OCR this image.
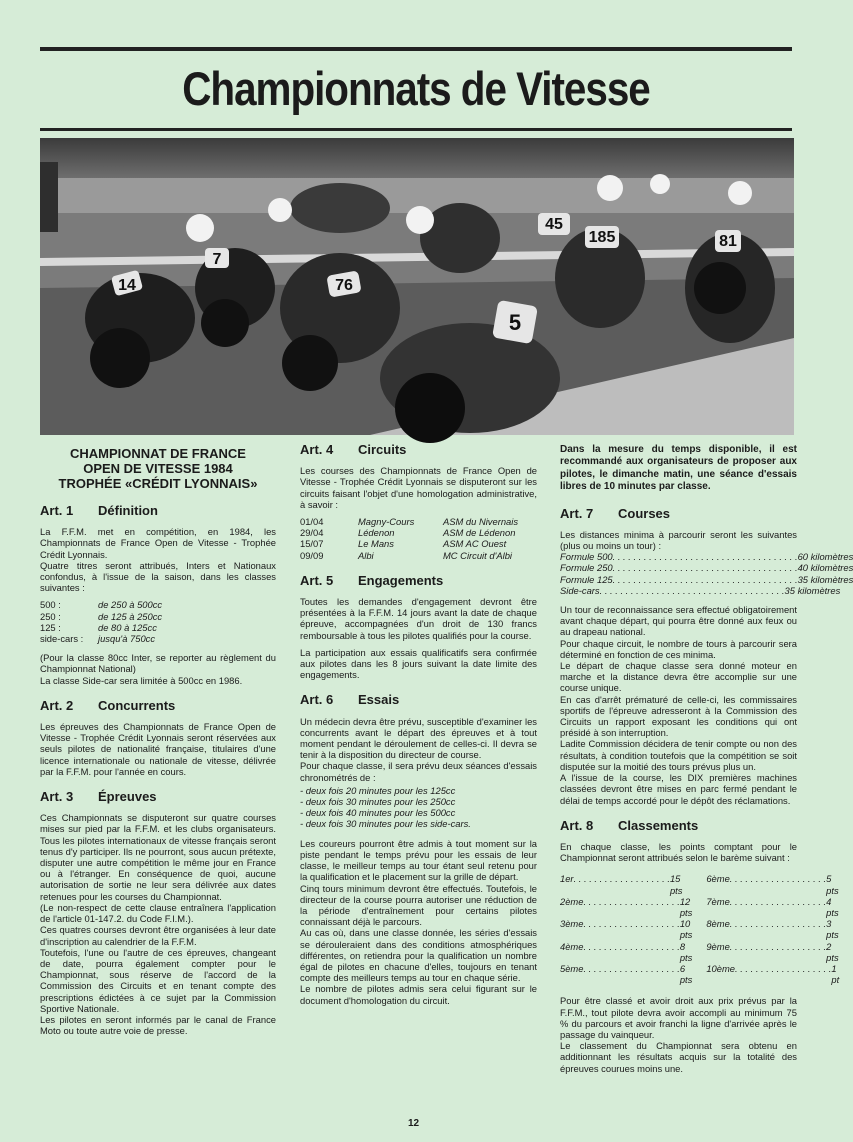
Championnats de Vitesse
14
7
76
5
185	81
45
CHAMPIONNAT DE FRANCE
OPEN DE VITESSE 1984
TROPHÉE «CRÉDIT LYONNAIS»
Art. 1	Définition

La F.F.M. met en compétition, en 1984, les Championnats de France Open de Vitesse - Trophée Crédit Lyonnais.

Quatre titres seront attribués, Inters et Nationaux confondus, à l'issue de la saison, dans les classes suivantes :

500 :	de 250 à 500cc
250 :	de 125 à 250cc
125 :	de 80 à 125cc
side-cars :	jusqu'à 750cc

(Pour la classe 80cc Inter, se reporter au règlement du Championnat National)

La classe Side-car sera limitée à 500cc en 1986.

Art. 2	Concurrents

Les épreuves des Championnats de France Open de Vitesse - Trophée Crédit Lyonnais seront réservées aux seuls pilotes de nationalité française, titulaires d'une licence internationale ou nationale de vitesse, délivrée par la F.F.M. pour l'année en cours.

Art. 3	Épreuves

Ces Championnats se disputeront sur quatre courses mises sur pied par la F.F.M. et les clubs organisateurs. Tous les pilotes internationaux de vitesse français seront tenus d'y participer. Ils ne pourront, sous aucun prétexte, disputer une autre compétition le même jour en France ou à l'étranger. En conséquence de quoi, aucune autorisation de sortie ne leur sera délivrée aux dates retenues pour les courses du Championnat.

(Le non-respect de cette clause entraînera l'application de l'article 01-147.2. du Code F.I.M.).

Ces quatres courses devront être organisées à leur date d'inscription au calendrier de la F.F.M.

Toutefois, l'une ou l'autre de ces épreuves, changeant de date, pourra également compter pour le Championnat, sous réserve de l'accord de la Commission des Circuits et en tenant compte des prescriptions édictées à ce sujet par la Commission Sportive Nationale.

Les pilotes en seront informés par le canal de France Moto ou toute autre voie de presse.

Art. 4	Circuits

Les courses des Championnats de France Open de Vitesse - Trophée Crédit Lyonnais se disputeront sur les circuits faisant l'objet d'une homologation administrative, à savoir :

01/04	Magny-Cours	ASM du Nivernais
29/04	Lédenon	ASM de Lédenon
15/07	Le Mans	ASM AC Ouest
09/09	Albi	MC Circuit d'Albi
Art. 5	Engagements

Toutes les demandes d'engagement devront être présentées à la F.F.M. 14 jours avant la date de chaque épreuve, accompagnées d'un droit de 130 francs remboursable à tous les pilotes qualifiés pour la course.

La participation aux essais qualificatifs sera confirmée aux pilotes dans les 8 jours suivant la date limite des engagements.

Art. 6	Essais

Un médecin devra être prévu, susceptible d'examiner les concurrents avant le départ des épreuves et à tout moment pendant le déroulement de celles-ci. Il devra se tenir à la disposition du directeur de course.

Pour chaque classe, il sera prévu deux séances d'essais chronométrés de :

- deux fois 20 minutes pour les 125cc
- deux fois 30 minutes pour les 250cc
- deux fois 40 minutes pour les 500cc
- deux fois 30 minutes pour les side-cars.

Les coureurs pourront être admis à tout moment sur la piste pendant le temps prévu pour les essais de leur classe, le meilleur temps au tour étant seul retenu pour la qualification et le placement sur la grille de départ.

Cinq tours minimum devront être effectués. Toutefois, le directeur de la course pourra autoriser une réduction de la période d'entraînement pour certains pilotes connaissant déjà le parcours.

Au cas où, dans une classe donnée, les séries d'essais se dérouleraient dans des conditions atmosphériques différentes, on retiendra pour la qualification un nombre égal de pilotes en chacune d'elles, toujours en tenant compte des meilleurs temps au tour en chaque série.

Le nombre de pilotes admis sera celui figurant sur le document d'homologation du circuit.

Dans la mesure du temps disponible, il est recommandé aux organisateurs de proposer aux pilotes, le dimanche matin, une séance d'essais libres de 10 minutes par classe.

Art. 7	Courses

Les distances minima à parcourir seront les suivantes (plus ou moins un tour) :

Formule 500 . . .	60 kilomètres
Formule 250 . . .	40 kilomètres
Formule 125 . . .	35 kilomètres
Side-cars . . .	35 kilomètres

Un tour de reconnaissance sera effectué obligatoirement avant chaque départ, qui pourra être donné aux feux ou au drapeau national.

Pour chaque circuit, le nombre de tours à parcourir sera déterminé en fonction de ces minima.

Le départ de chaque classe sera donné moteur en marche et la distance devra être accomplie sur une course unique.

En cas d'arrêt prématuré de celle-ci, les commissaires sportifs de l'épreuve adresseront à la Commission des Circuits un rapport exposant les conditions qui ont présidé à son interruption.

Ladite Commission décidera de tenir compte ou non des résultats, à condition toutefois que la compétition se soit disputée sur la moitié des tours prévus plus un.

A l'issue de la course, les DIX premières machines classées devront être mises en parc fermé pendant le délai de temps accordé pour le dépôt des réclamations.

Art. 8	Classements

En chaque classe, les points comptant pour le Championnat seront attribués selon le barème suivant :

1er . . .	15 pts
2ème . . .	12 pts
3ème . . .	10 pts
4ème . . .	8 pts
5ème . . .	6 pts
6ème . . .	5 pts
7ème . . .	4 pts
8ème . . .	3 pts
9ème . . .	2 pts
10ème . . .	1 pt

Pour être classé et avoir droit aux prix prévus par la F.F.M., tout pilote devra avoir accompli au minimum 75 % du parcours et avoir franchi la ligne d'arrivée après le passage du vainqueur.

Le classement du Championnat sera obtenu en additionnant les résultats acquis sur la totalité des épreuves courues moins une.

12
